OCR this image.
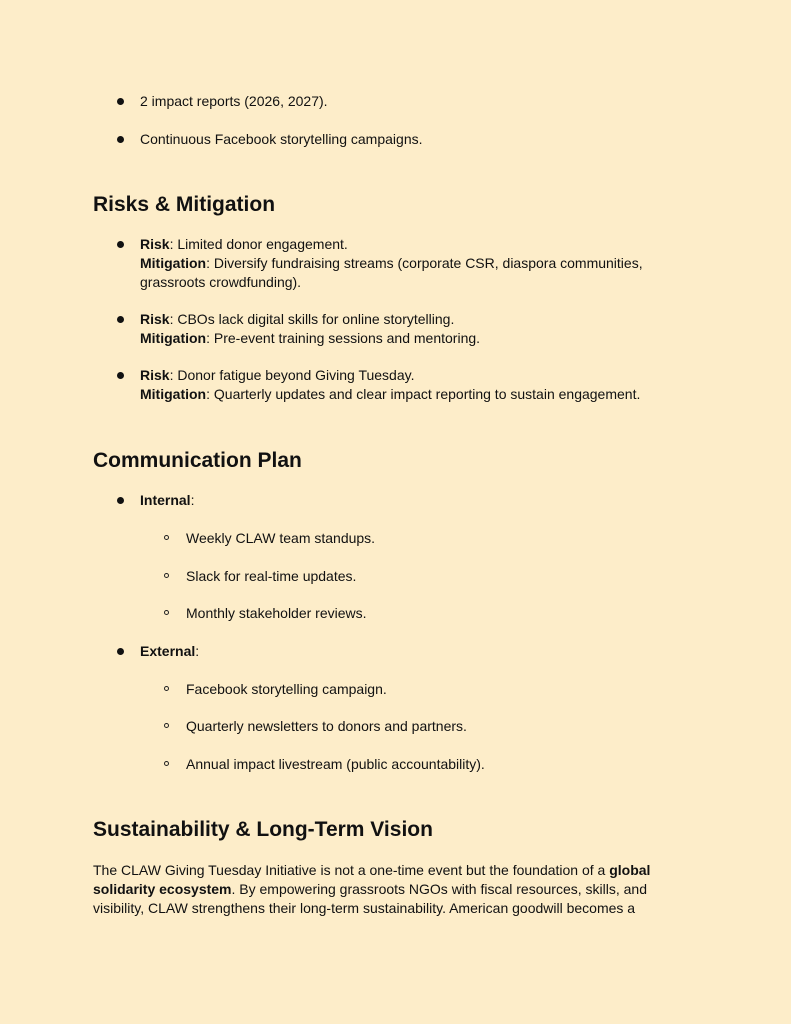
2 impact reports (2026, 2027).
Continuous Facebook storytelling campaigns.
Risks & Mitigation
Risk: Limited donor engagement.
Mitigation: Diversify fundraising streams (corporate CSR, diaspora communities,
grassroots crowdfunding).
Risk: CBOs lack digital skills for online storytelling.
Mitigation: Pre-event training sessions and mentoring.
Risk: Donor fatigue beyond Giving Tuesday.
Mitigation: Quarterly updates and clear impact reporting to sustain engagement.
Communication Plan
Internal:
Weekly CLAW team standups.
Slack for real-time updates.
Monthly stakeholder reviews.
External:
Facebook storytelling campaign.
Quarterly newsletters to donors and partners.
Annual impact livestream (public accountability).
Sustainability & Long-Term Vision
The CLAW Giving Tuesday Initiative is not a one-time event but the foundation of a global
solidarity ecosystem. By empowering grassroots NGOs with fiscal resources, skills, and
visibility, CLAW strengthens their long-term sustainability. American goodwill becomes a
